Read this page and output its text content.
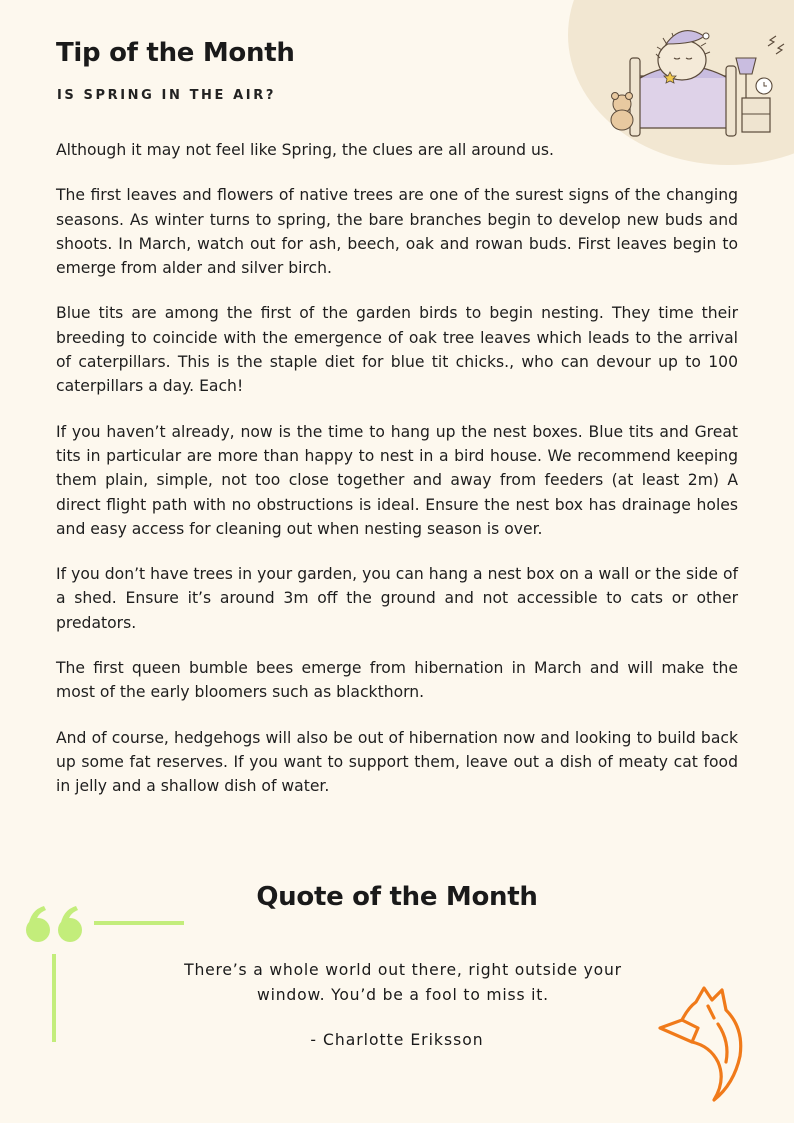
Tip of the Month
IS SPRING IN THE AIR?

Although it may not feel like Spring, the clues are all around us.

The first leaves and flowers of native trees are one of the surest signs of the changing seasons. As winter turns to spring, the bare branches begin to develop new buds and shoots. In March, watch out for ash, beech, oak and rowan buds. First leaves begin to emerge from alder and silver birch.

Blue tits are among the first of the garden birds to begin nesting. They time their breeding to coincide with the emergence of oak tree leaves which leads to the arrival of caterpillars. This is the staple diet for blue tit chicks., who can devour up to 100 caterpillars a day. Each!

If you haven’t already, now is the time to hang up the nest boxes. Blue tits and Great tits in particular are more than happy to nest in a bird house. We recommend keeping them plain, simple, not too close together and away from feeders (at least 2m) A direct flight path with no obstructions is ideal. Ensure the nest box has drainage holes and easy access for cleaning out when nesting season is over.

If you don’t have trees in your garden, you can hang a nest box on a wall or the side of a shed. Ensure it’s around 3m off the ground and not accessible to cats or other predators.

The first queen bumble bees emerge from hibernation in March and will make the most of the early bloomers such as blackthorn.

And of course, hedgehogs will also be out of hibernation now and looking to build back up some fat reserves. If you want to support them, leave out a dish of meaty cat food in jelly and a shallow dish of water.

Quote of the Month

There’s a whole world out there, right outside your window. You’d be a fool to miss it.

- Charlotte Eriksson
